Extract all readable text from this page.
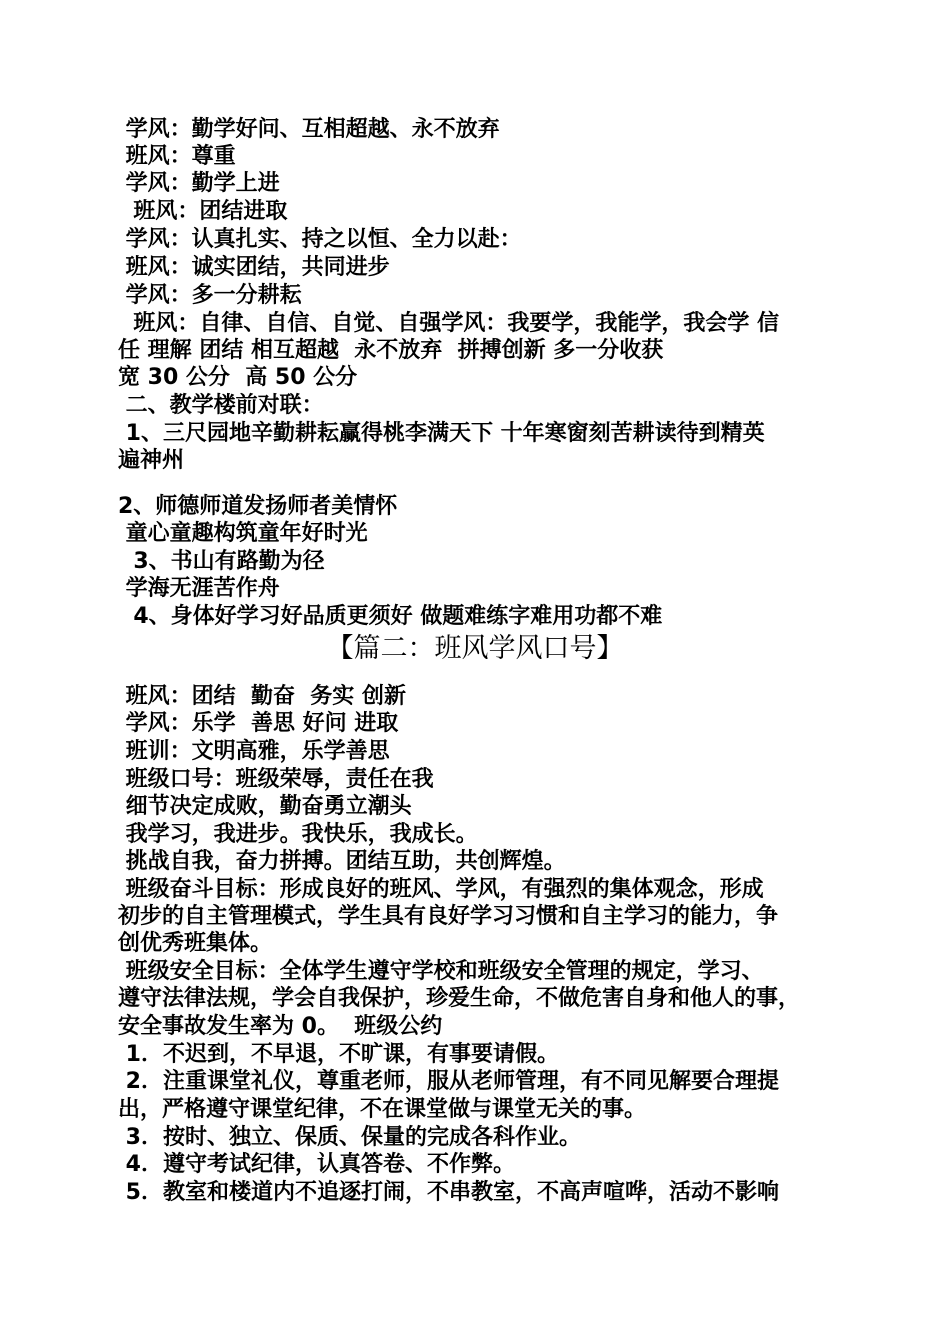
学风：勤学好问、互相超越、永不放弃
班风：尊重
学风：勤学上进
班风：团结进取
学风：认真扎实、持之以恒、全力以赴：
班风：诚实团结，共同进步
学风：多一分耕耘
班风：自律、自信、自觉、自强学风：我要学，我能学，我会学 信
任 理解 团结 相互超越  永不放弃  拼搏创新 多一分收获
宽 30 公分  高 50 公分
二、教学楼前对联：
1、三尺园地辛勤耕耘赢得桃李满天下 十年寒窗刻苦耕读待到精英
遍神州
2、师德师道发扬师者美情怀
童心童趣构筑童年好时光
3、书山有路勤为径
学海无涯苦作舟
4、身体好学习好品质更须好 做题难练字难用功都不难
【篇二：班风学风口号】
班风：团结  勤奋  务实 创新
学风：乐学  善思 好问 进取
班训：文明高雅，乐学善思
班级口号：班级荣辱，责任在我
细节决定成败，勤奋勇立潮头
我学习，我进步。我快乐，我成长。
挑战自我，奋力拼搏。团结互助，共创辉煌。
班级奋斗目标：形成良好的班风、学风，有强烈的集体观念，形成
初步的自主管理模式，学生具有良好学习习惯和自主学习的能力，争
创优秀班集体。
班级安全目标：全体学生遵守学校和班级安全管理的规定，学习、
遵守法律法规，学会自我保护，珍爱生命，不做危害自身和他人的事，
安全事故发生率为 0。  班级公约
1．不迟到，不早退，不旷课，有事要请假。
2．注重课堂礼仪，尊重老师，服从老师管理，有不同见解要合理提
出，严格遵守课堂纪律，不在课堂做与课堂无关的事。
3．按时、独立、保质、保量的完成各科作业。
4．遵守考试纪律，认真答卷、不作弊。
5．教室和楼道内不追逐打闹，不串教室，不高声喧哗，活动不影响
